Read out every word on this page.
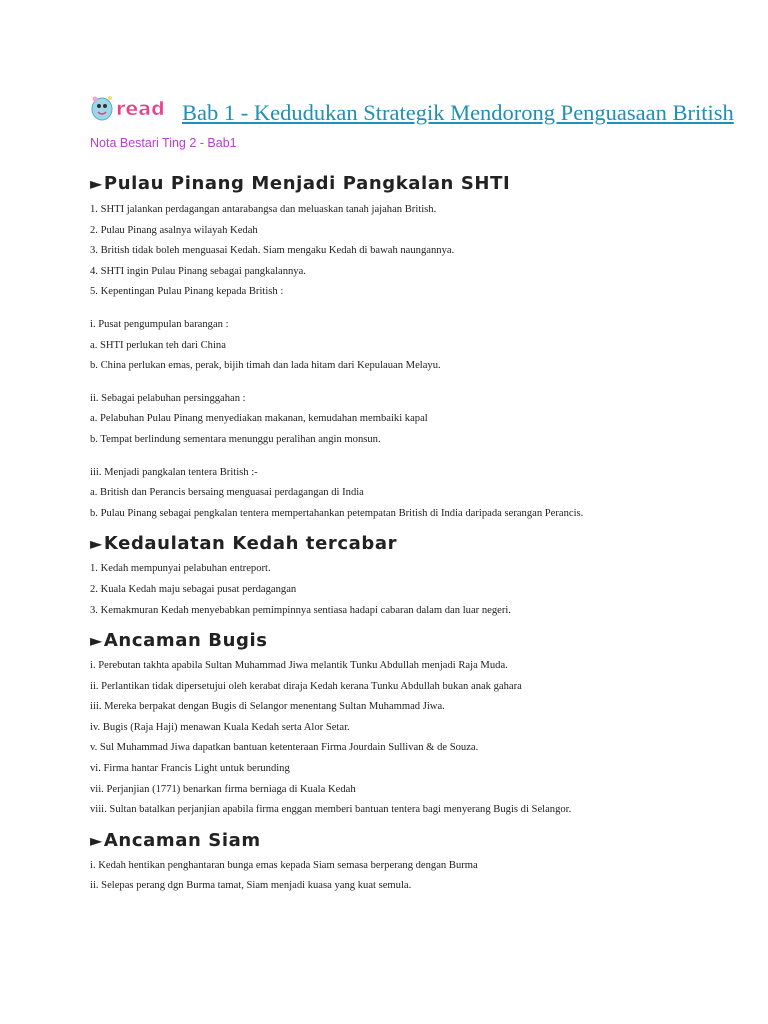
read Bab 1 - Kedudukan Strategik Mendorong Penguasaan British
Nota Bestari Ting 2 - Bab1
►Pulau Pinang Menjadi Pangkalan SHTI

1. SHTI jalankan perdagangan antarabangsa dan meluaskan tanah jajahan British.

2. Pulau Pinang asalnya wilayah Kedah

3. British tidak boleh menguasai Kedah. Siam mengaku Kedah di bawah naungannya.

4. SHTI ingin Pulau Pinang sebagai pangkalannya.

5. Kepentingan Pulau Pinang kepada British :

i. Pusat pengumpulan barangan :

a. SHTI perlukan teh dari China

b. China perlukan emas, perak, bijih timah dan lada hitam dari Kepulauan Melayu.

ii. Sebagai pelabuhan persinggahan :

a. Pelabuhan Pulau Pinang menyediakan makanan, kemudahan membaiki kapal

b. Tempat berlindung sementara menunggu peralihan angin monsun.

iii. Menjadi pangkalan tentera British :-

a. British dan Perancis bersaing menguasai perdagangan di India

b. Pulau Pinang sebagai pengkalan tentera mempertahankan petempatan British di India daripada serangan Perancis.

►Kedaulatan Kedah tercabar

1. Kedah mempunyai pelabuhan entreport.

2. Kuala Kedah maju sebagai pusat perdagangan

3. Kemakmuran Kedah menyebabkan pemimpinnya sentiasa hadapi cabaran dalam dan luar negeri.

►Ancaman Bugis

i. Perebutan takhta apabila Sultan Muhammad Jiwa melantik Tunku Abdullah menjadi Raja Muda.

ii. Perlantikan tidak dipersetujui oleh kerabat diraja Kedah kerana Tunku Abdullah bukan anak gahara

iii. Mereka berpakat dengan Bugis di Selangor menentang Sultan Muhammad Jiwa.

iv. Bugis (Raja Haji) menawan Kuala Kedah serta Alor Setar.

v. Sul Muhammad Jiwa dapatkan bantuan ketenteraan Firma Jourdain Sullivan & de Souza.

vi. Firma hantar Francis Light untuk berunding

vii. Perjanjian (1771) benarkan firma berniaga di Kuala Kedah

viii. Sultan batalkan perjanjian apabila firma enggan memberi bantuan tentera bagi menyerang Bugis di Selangor.

►Ancaman Siam

i. Kedah hentikan penghantaran bunga emas kepada Siam semasa berperang dengan Burma

ii. Selepas perang dgn Burma tamat, Siam menjadi kuasa yang kuat semula.
